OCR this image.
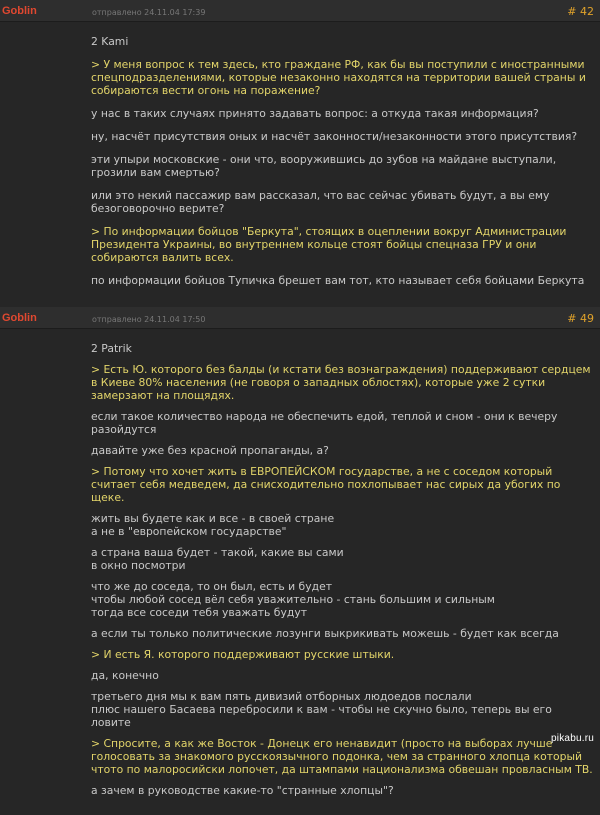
Goblin	отправлено 24.11.04 17:39	# 42

2 Kami

> У меня вопрос к тем здесь, кто граждане РФ, как бы вы поступили с иностранными спецподразделениями, которые незаконно находятся на территории вашей страны и собираются вести огонь на поражение?

у нас в таких случаях принято задавать вопрос: а откуда такая информация?

ну, насчёт присутствия оных и насчёт законности/незаконности этого присутствия?

эти упыри московские - они что, вооружившись до зубов на майдане выступали, грозили вам смертью?

или это некий пассажир вам рассказал, что вас сейчас убивать будут, а вы ему безоговорочно верите?

> По информации бойцов "Беркута", стоящих в оцеплении вокруг Администрации Президента Украины, во внутреннем кольце стоят бойцы спецназа ГРУ и они собираются валить всех.

по информации бойцов Тупичка брешет вам тот, кто называет себя бойцами Беркута

Goblin	отправлено 24.11.04 17:50	# 49

2 Patrik

> Есть Ю. которого без балды (и кстати без вознаграждения) поддерживают сердцем в Киеве 80% населения (не говоря о западных облостях), которые уже 2 сутки замерзают на площядях.

если такое количество народа не обеспечить едой, теплой и сном - они к вечеру разойдутся

давайте уже без красной пропаганды, а?

> Потому что хочет жить в ЕВРОПЕЙСКОМ государстве, а не с соседом который считает себя медведем, да снисходительно похлопывает нас сирых да убогих по щеке.

жить вы будете как и все - в своей стране
а не в "европейском государстве"

а страна ваша будет - такой, какие вы сами
в окно посмотри

что же до соседа, то он был, есть и будет
чтобы любой сосед вёл себя уважительно - стань большим и сильным
тогда все соседи тебя уважать будут

а если ты только политические лозунги выкрикивать можешь - будет как всегда

> И есть Я. которого поддерживают русские штыки.

да, конечно

третьего дня мы к вам пять дивизий отборных людоедов послали
плюс нашего Басаева перебросили к вам - чтобы не скучно было, теперь вы его ловите

> Спросите, а как же Восток - Донецк его ненавидит (просто на выборах лучше голосовать за знакомого русскоязычного подонка, чем за странного хлопца который чтото по малоросийски лопочет, да штампами национализма обвешан провласным ТВ.

а зачем в руководстве какие-то "странные хлопцы"?

pikabu.ru
